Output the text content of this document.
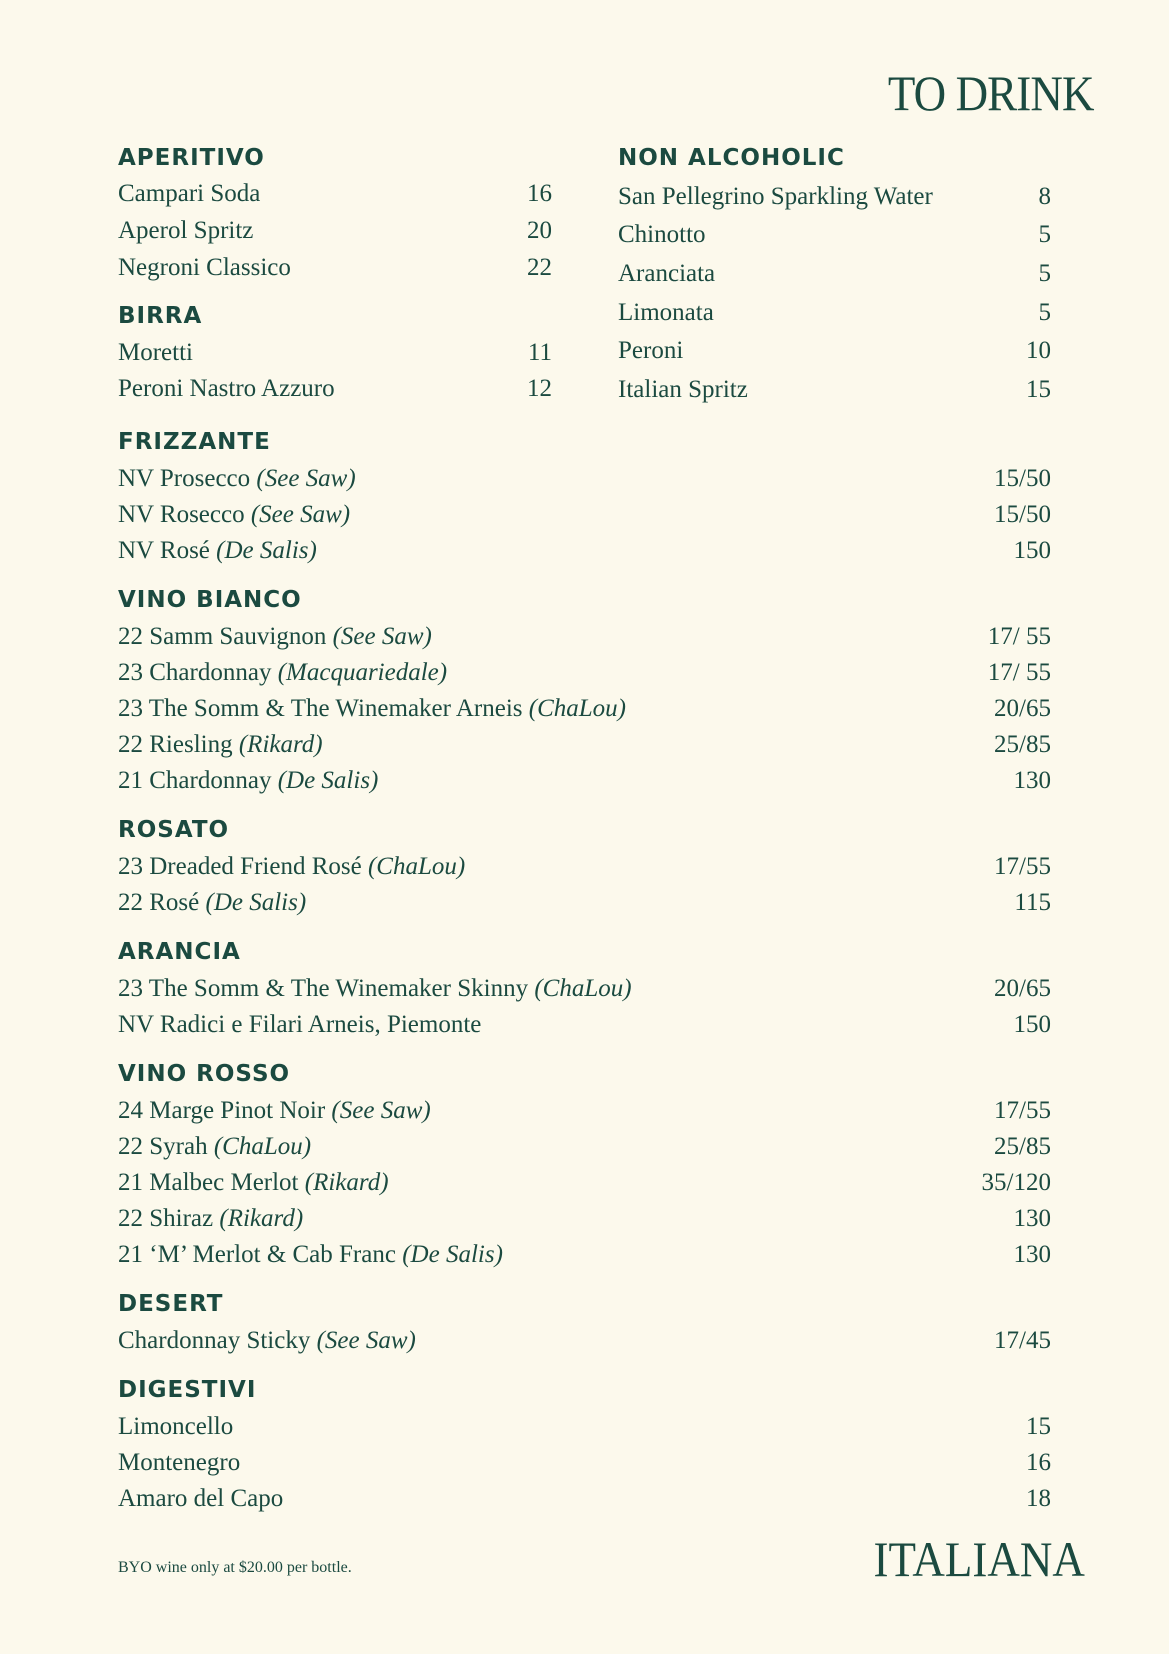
TO DRINK
APERITIVO
Campari Soda	16
Aperol Spritz	20
Negroni Classico	22
BIRRA
Moretti	11
Peroni Nastro Azzuro	12
NON ALCOHOLIC
San Pellegrino Sparkling Water	8
Chinotto	5
Aranciata	5
Limonata	5
Peroni	10
Italian Spritz	15
FRIZZANTE
NV Prosecco (See Saw)	15/50
NV Rosecco (See Saw)	15/50
NV Rosé (De Salis)	150
VINO BIANCO
22 Samm Sauvignon (See Saw)	17/ 55
23 Chardonnay (Macquariedale)	17/ 55
23 The Somm & The Winemaker Arneis (ChaLou)	20/65
22 Riesling (Rikard)	25/85
21 Chardonnay (De Salis)	130
ROSATO
23 Dreaded Friend Rosé (ChaLou)	17/55
22 Rosé (De Salis)	115
ARANCIA
23 The Somm & The Winemaker Skinny (ChaLou)	20/65
NV Radici e Filari Arneis, Piemonte	150
VINO ROSSO
24 Marge Pinot Noir (See Saw)	17/55
22 Syrah (ChaLou)	25/85
21 Malbec Merlot (Rikard)	35/120
22 Shiraz (Rikard)	130
21 ‘M’ Merlot & Cab Franc (De Salis)	130
DESERT
Chardonnay Sticky (See Saw)	17/45
DIGESTIVI
Limoncello	15
Montenegro	16
Amaro del Capo	18
BYO wine only at $20.00 per bottle.	ITALIANA
